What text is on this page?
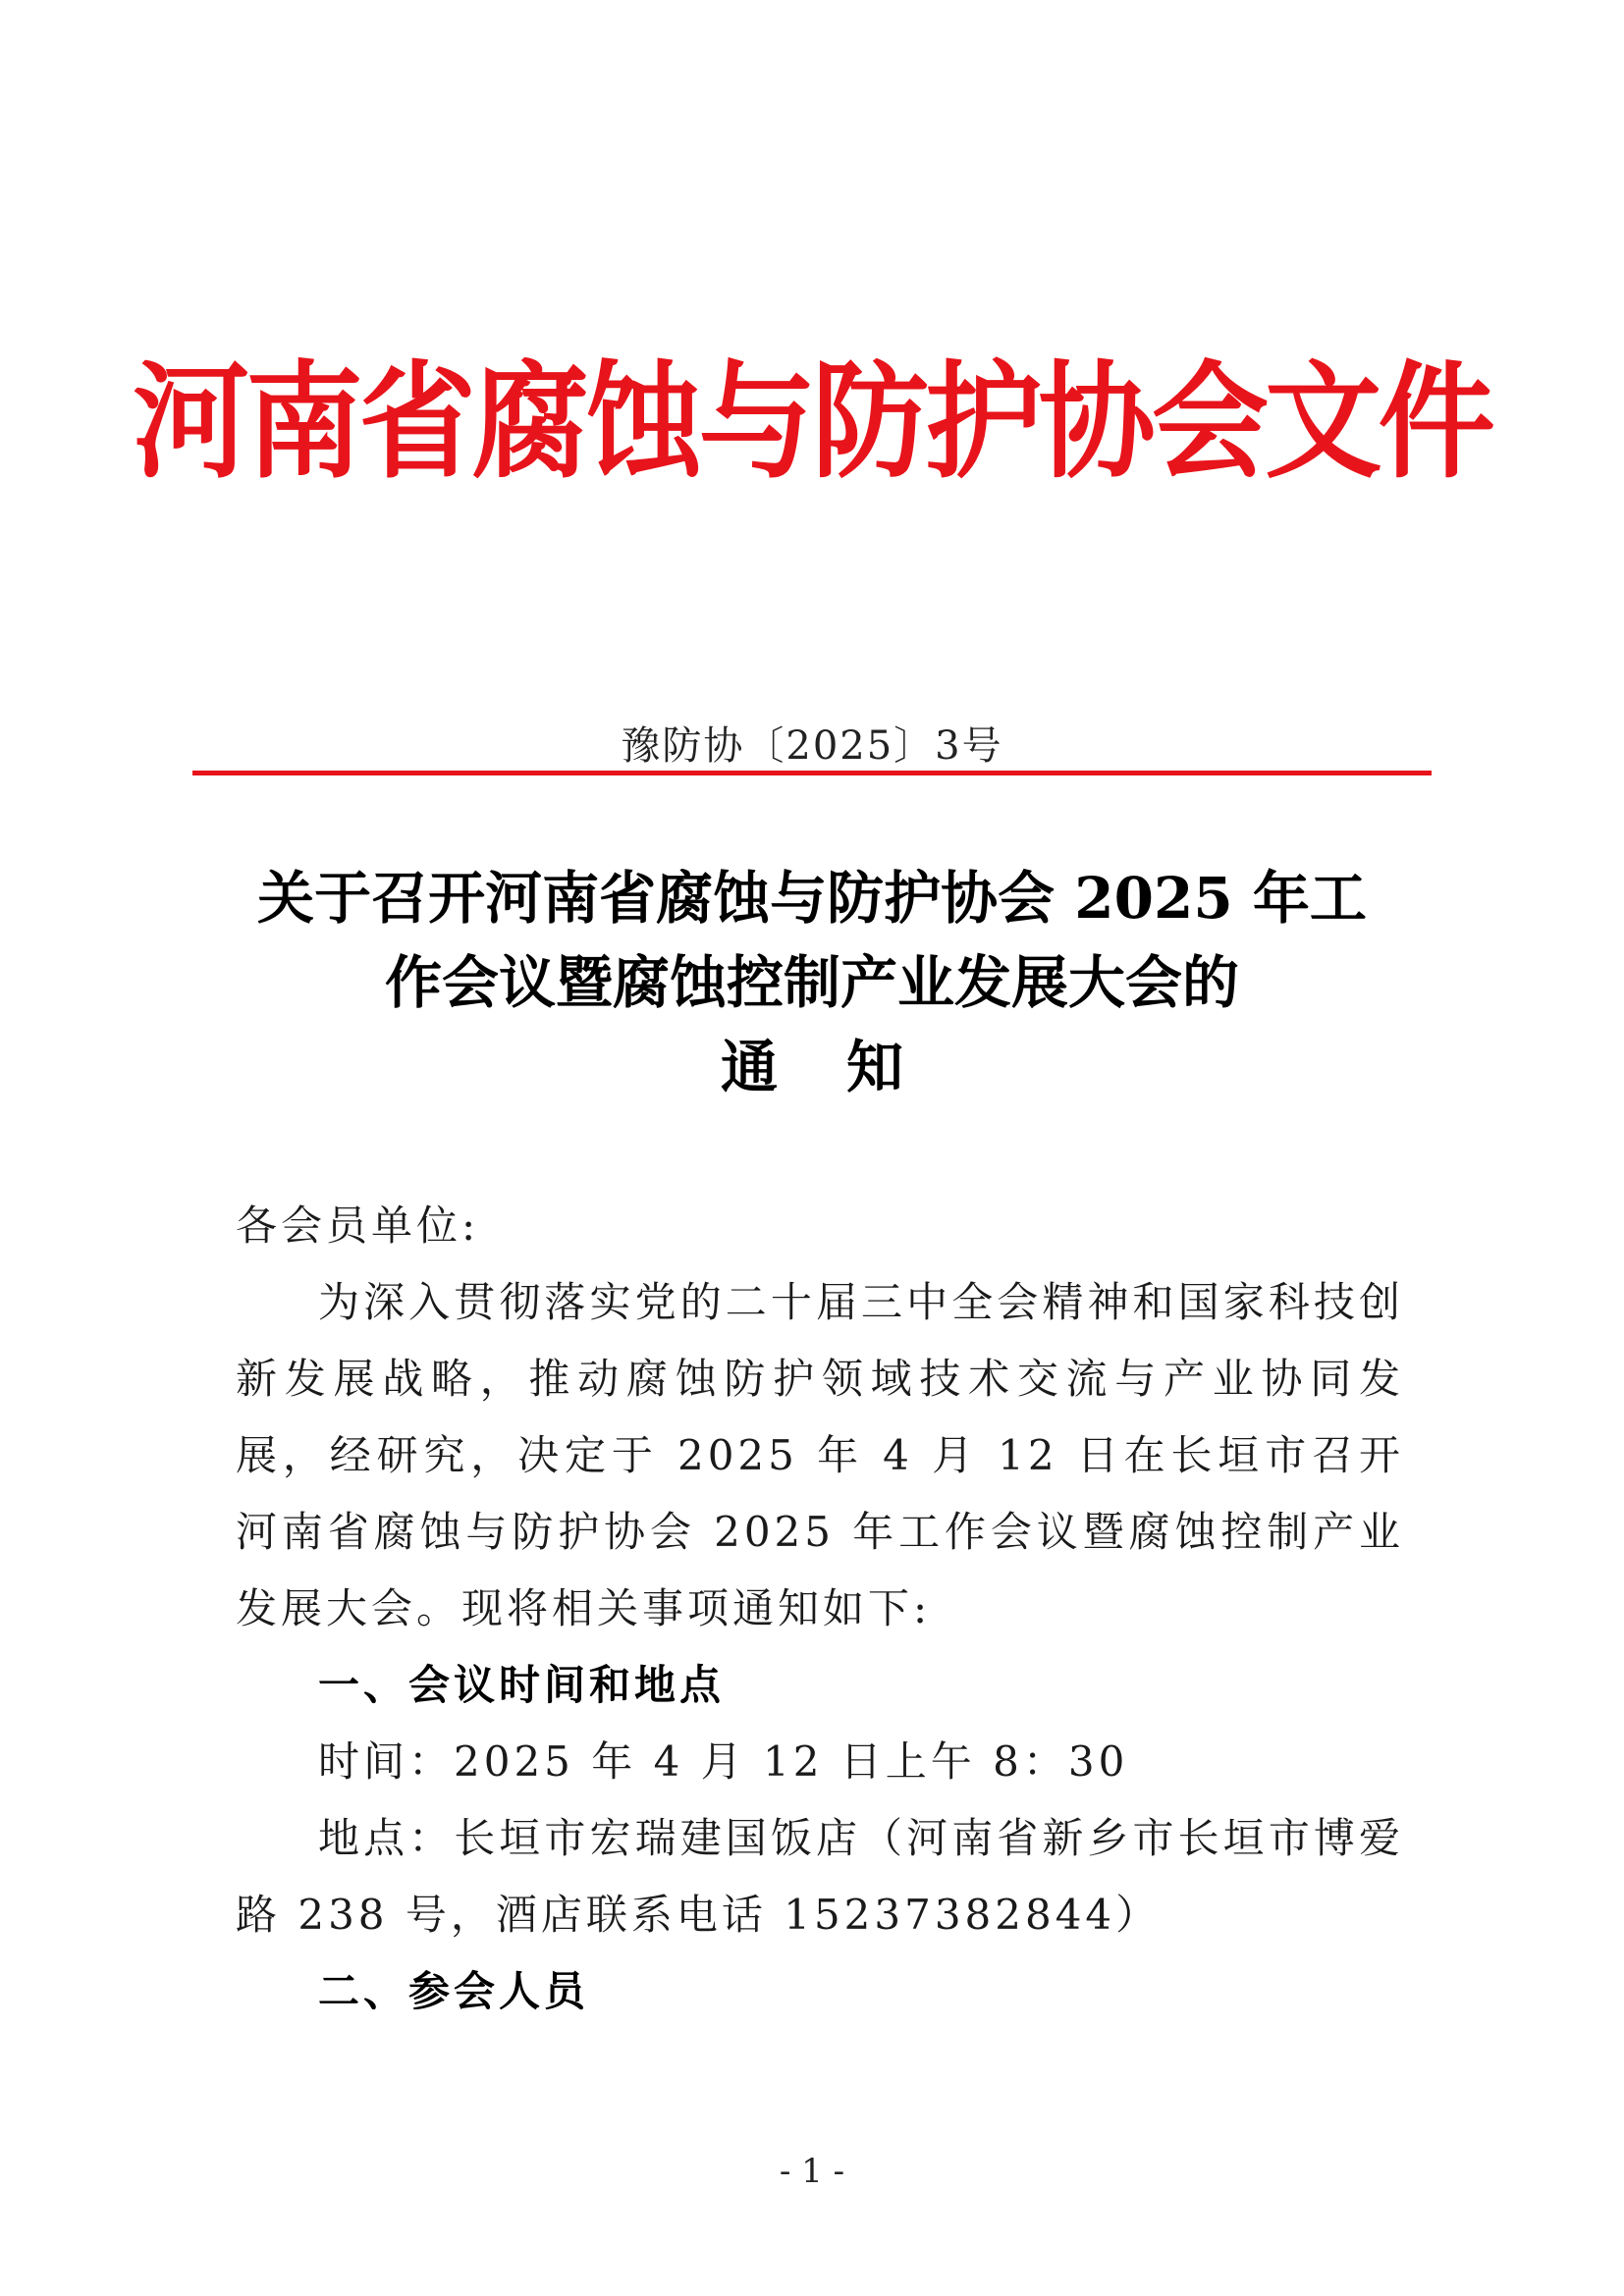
河南省腐蚀与防护协会文件
豫防协〔2025〕3号
关于召开河南省腐蚀与防护协会 2025 年工
作会议暨腐蚀控制产业发展大会的
通知

各会员单位:

为深入贯彻落实党的二十届三中全会精神和国家科技创新发展战略，推动腐蚀防护领域技术交流与产业协同发展，经研究，决定于 2025 年 4 月 12 日在长垣市召开河南省腐蚀与防护协会 2025 年工作会议暨腐蚀控制产业发展大会。现将相关事项通知如下:

一、会议时间和地点

时间：2025 年 4 月 12 日上午 8：30

地点：长垣市宏瑞建国饭店（河南省新乡市长垣市博爱路 238 号，酒店联系电话 15237382844）

二、参会人员

- 1 -
